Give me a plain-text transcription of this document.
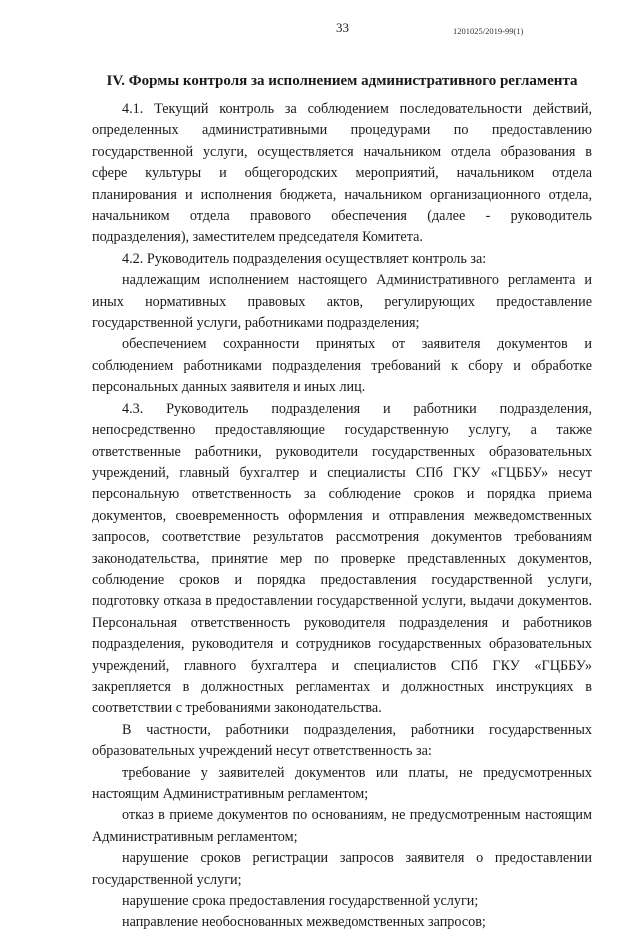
33	1201025/2019-99(1)
IV. Формы контроля за исполнением административного регламента

4.1. Текущий контроль за соблюдением последовательности действий, определенных административными процедурами по предоставлению государственной услуги, осуществляется начальником отдела образования в сфере культуры и общегородских мероприятий, начальником отдела планирования и исполнения бюджета, начальником организационного отдела, начальником отдела правового обеспечения (далее - руководитель подразделения), заместителем председателя Комитета.

4.2. Руководитель подразделения осуществляет контроль за:

надлежащим исполнением настоящего Административного регламента и иных нормативных правовых актов, регулирующих предоставление государственной услуги, работниками подразделения;

обеспечением сохранности принятых от заявителя документов и соблюдением работниками подразделения требований к сбору и обработке персональных данных заявителя и иных лиц.

4.3. Руководитель подразделения и работники подразделения, непосредственно предоставляющие государственную услугу, а также ответственные работники, руководители государственных образовательных учреждений, главный бухгалтер и специалисты СПб ГКУ «ГЦББУ» несут персональную ответственность за соблюдение сроков и порядка приема документов, своевременность оформления и отправления межведомственных запросов, соответствие результатов рассмотрения документов требованиям законодательства, принятие мер по проверке представленных документов, соблюдение сроков и порядка предоставления государственной услуги, подготовку отказа в предоставлении государственной услуги, выдачи документов. Персональная ответственность руководителя подразделения и работников подразделения, руководителя и сотрудников государственных образовательных учреждений, главного бухгалтера и специалистов СПб ГКУ «ГЦББУ» закрепляется в должностных регламентах и должностных инструкциях в соответствии с требованиями законодательства.

В частности, работники подразделения, работники государственных образовательных учреждений несут ответственность за:

требование у заявителей документов или платы, не предусмотренных настоящим Административным регламентом;

отказ в приеме документов по основаниям, не предусмотренным настоящим Административным регламентом;

нарушение сроков регистрации запросов заявителя о предоставлении государственной услуги;

нарушение срока предоставления государственной услуги;

направление необоснованных межведомственных запросов;
